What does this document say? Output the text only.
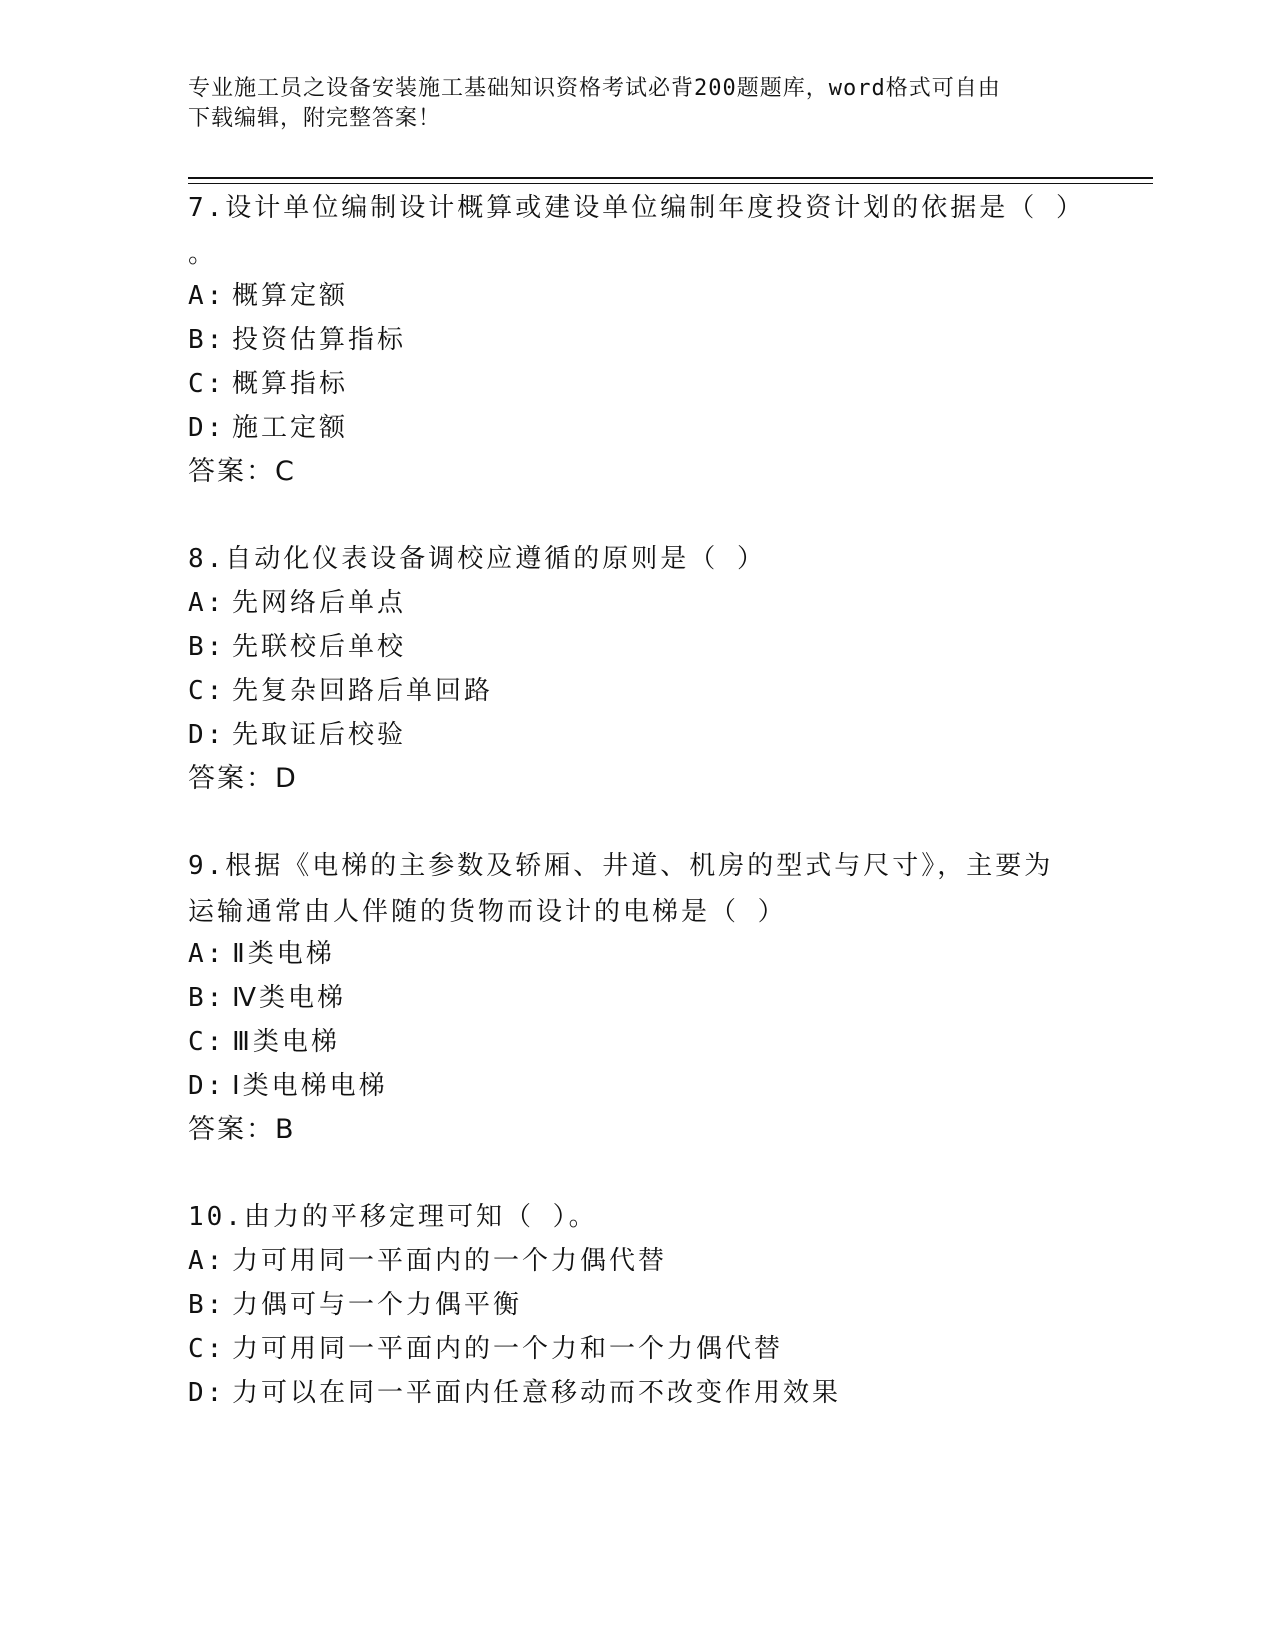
专业施工员之设备安装施工基础知识资格考试必背200题题库，word格式可自由
下载编辑，附完整答案！
7.设计单位编制设计概算或建设单位编制年度投资计划的依据是（ ）
。
A: 概算定额
B: 投资估算指标
C: 概算指标
D: 施工定额
答案：C
8.自动化仪表设备调校应遵循的原则是（ ）
A: 先网络后单点
B: 先联校后单校
C: 先复杂回路后单回路
D: 先取证后校验
答案：D
9.根据《电梯的主参数及轿厢、井道、机房的型式与尺寸》，主要为
运输通常由人伴随的货物而设计的电梯是（ ）
A: Ⅱ类电梯
B: Ⅳ类电梯
C: Ⅲ类电梯
D: Ⅰ类电梯电梯
答案：B
10.由力的平移定理可知（ ）。
A: 力可用同一平面内的一个力偶代替
B: 力偶可与一个力偶平衡
C: 力可用同一平面内的一个力和一个力偶代替
D: 力可以在同一平面内任意移动而不改变作用效果
